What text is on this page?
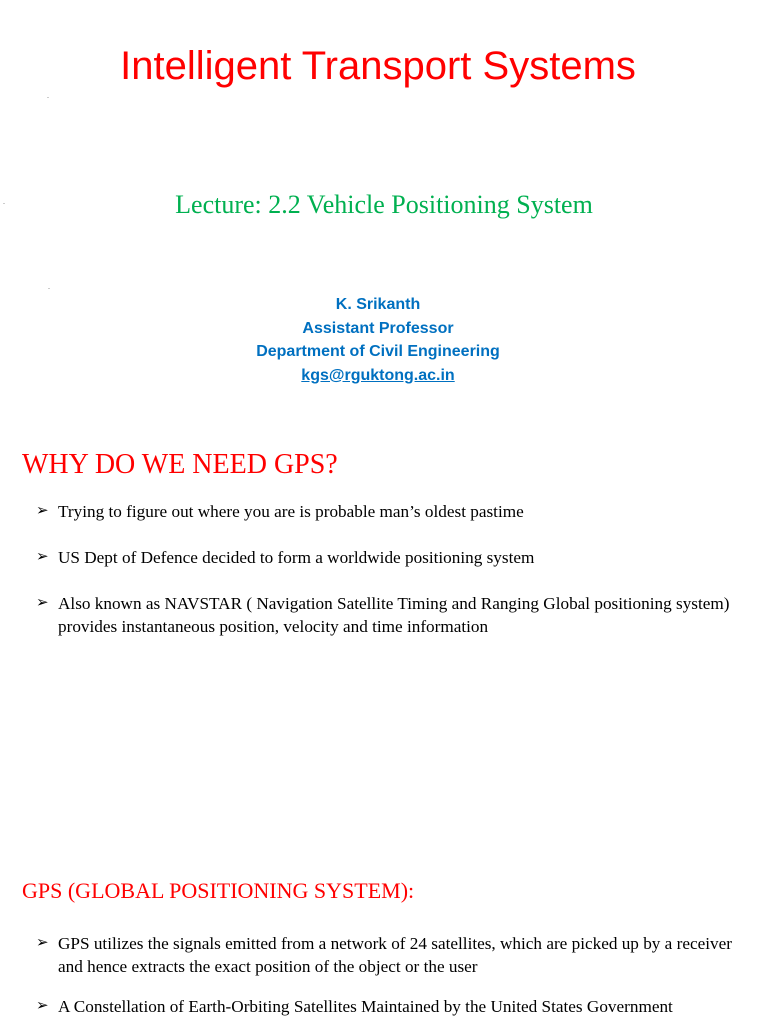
Intelligent Transport Systems
Lecture: 2.2 Vehicle Positioning System
K. Srikanth
Assistant Professor
Department of Civil Engineering
kgs@rguktong.ac.in
WHY DO WE NEED GPS?
➢ Trying to figure out where you are is probable man’s oldest pastime
➢ US Dept of Defence decided to form a worldwide positioning system
➢ Also known as NAVSTAR ( Navigation Satellite Timing and Ranging Global positioning system) provides instantaneous position, velocity and time information
GPS (GLOBAL POSITIONING SYSTEM):
➢ GPS utilizes the signals emitted from a network of 24 satellites, which are picked up by a receiver and hence extracts the exact position of the object or the user
➢ A Constellation of Earth-Orbiting Satellites Maintained by the United States Government
